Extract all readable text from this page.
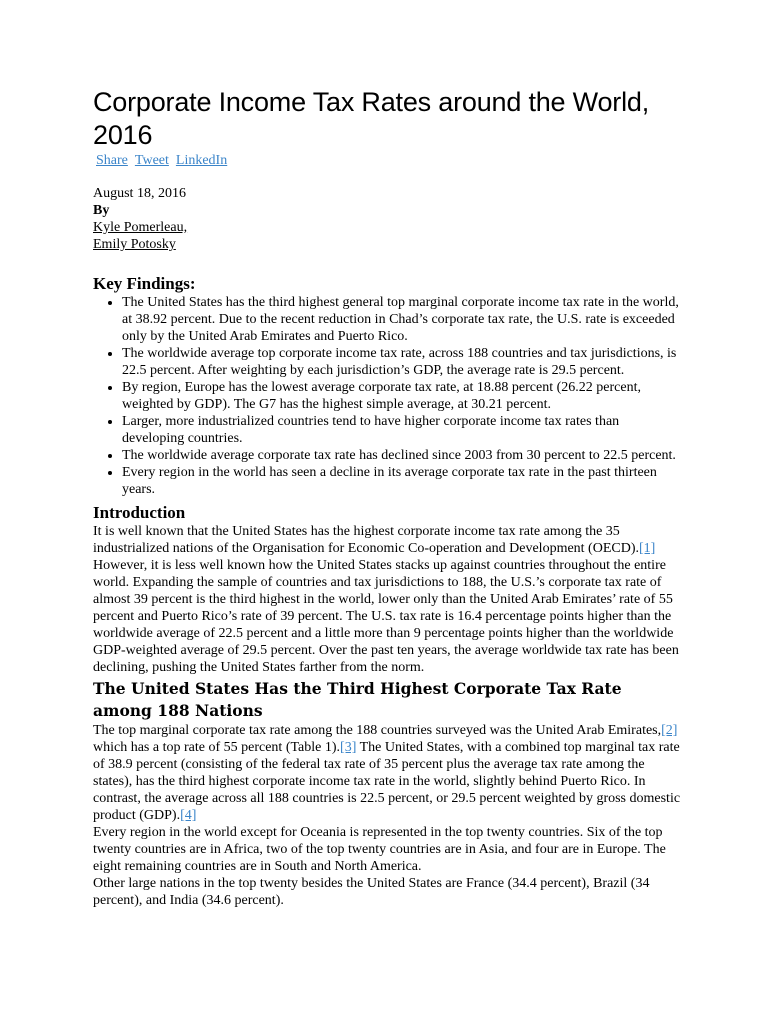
Corporate Income Tax Rates around the World, 2016
Share Tweet LinkedIn
August 18, 2016
By
Kyle Pomerleau,
Emily Potosky
Key Findings:
• The United States has the third highest general top marginal corporate income tax rate in the world, at 38.92 percent. Due to the recent reduction in Chad’s corporate tax rate, the U.S. rate is exceeded only by the United Arab Emirates and Puerto Rico.
• The worldwide average top corporate income tax rate, across 188 countries and tax jurisdictions, is 22.5 percent. After weighting by each jurisdiction’s GDP, the average rate is 29.5 percent.
• By region, Europe has the lowest average corporate tax rate, at 18.88 percent (26.22 percent, weighted by GDP). The G7 has the highest simple average, at 30.21 percent.
• Larger, more industrialized countries tend to have higher corporate income tax rates than developing countries.
• The worldwide average corporate tax rate has declined since 2003 from 30 percent to 22.5 percent.
• Every region in the world has seen a decline in its average corporate tax rate in the past thirteen years.
Introduction

It is well known that the United States has the highest corporate income tax rate among the 35 industrialized nations of the Organisation for Economic Co-operation and Development (OECD).[1] However, it is less well known how the United States stacks up against countries throughout the entire world. Expanding the sample of countries and tax jurisdictions to 188, the U.S.’s corporate tax rate of almost 39 percent is the third highest in the world, lower only than the United Arab Emirates’ rate of 55 percent and Puerto Rico’s rate of 39 percent. The U.S. tax rate is 16.4 percentage points higher than the worldwide average of 22.5 percent and a little more than 9 percentage points higher than the worldwide GDP-weighted average of 29.5 percent. Over the past ten years, the average worldwide tax rate has been declining, pushing the United States farther from the norm.

The United States Has the Third Highest Corporate Tax Rate among 188 Nations

The top marginal corporate tax rate among the 188 countries surveyed was the United Arab Emirates,[2] which has a top rate of 55 percent (Table 1).[3] The United States, with a combined top marginal tax rate of 38.9 percent (consisting of the federal tax rate of 35 percent plus the average tax rate among the states), has the third highest corporate income tax rate in the world, slightly behind Puerto Rico. In contrast, the average across all 188 countries is 22.5 percent, or 29.5 percent weighted by gross domestic product (GDP).[4]

Every region in the world except for Oceania is represented in the top twenty countries. Six of the top twenty countries are in Africa, two of the top twenty countries are in Asia, and four are in Europe. The eight remaining countries are in South and North America.

Other large nations in the top twenty besides the United States are France (34.4 percent), Brazil (34 percent), and India (34.6 percent).
